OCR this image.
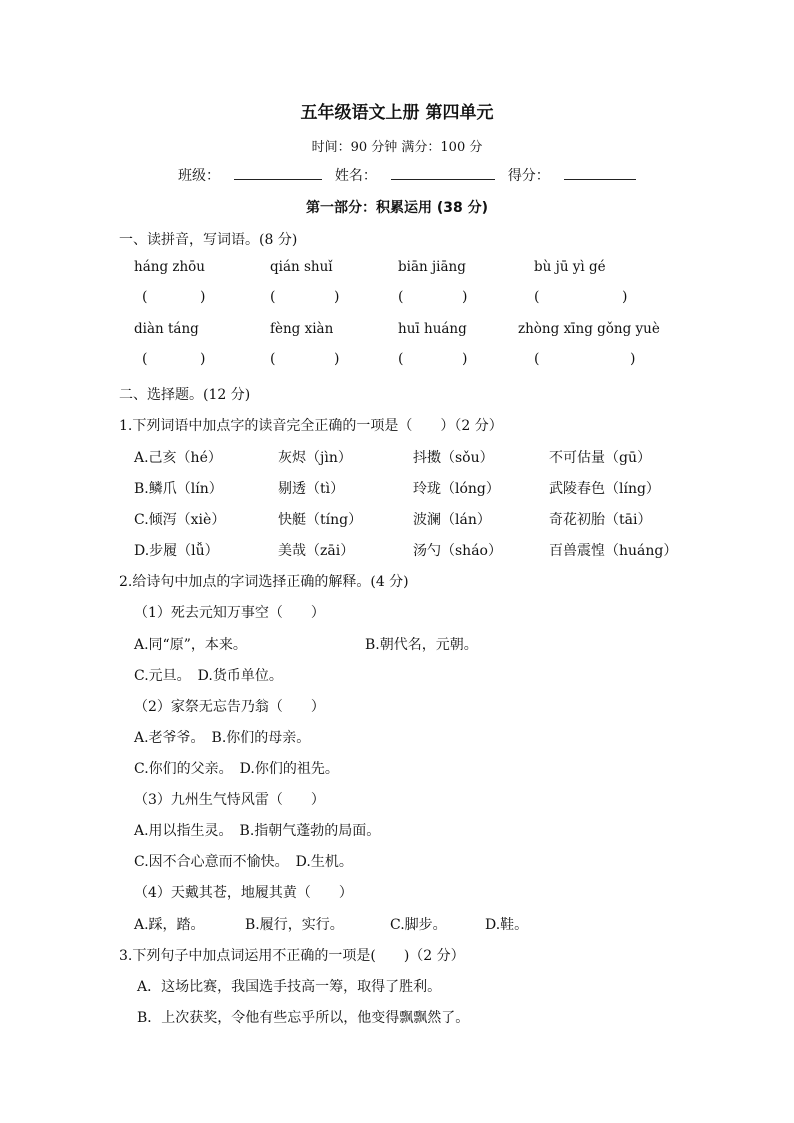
五年级语文上册 第四单元
时间：90 分钟 满分：100 分
班级：	姓名：	得分：
第一部分：积累运用 (38 分)
一、读拼音，写词语。(8 分)
háng zhōu	qián shuǐ	biān jiāng	bù jū yì gé
(	)	(	)	(	)	(	)
diàn táng	fèng xiàn	huī huáng	zhòng xīng gǒng yuè
(	)	(	)	(	)	(	)
二、选择题。(12 分)
1.下列词语中加点字的读音完全正确的一项是（　　）（2 分）
A.己亥（hé）	灰烬（jìn）	抖擞（sǒu）	不可估量（gū）
B.鳞爪（lín）	剔透（tì）	玲珑（lóng）	武陵春色（líng）
C.倾泻（xiè）	快艇（tíng）	波澜（lán）	奇花初胎（tāi）
D.步履（lǚ）	美哉（zāi）	汤勺（sháo）	百兽震惶（huáng）
2.给诗句中加点的字词选择正确的解释。(4 分)
（1）死去元知万事空（　　）
A.同“原”，本来。	B.朝代名，元朝。
C.元旦。　D.货币单位。
（2）家祭无忘告乃翁（　　）
A.老爷爷。　B.你们的母亲。
C.你们的父亲。　D.你们的祖先。
（3）九州生气恃风雷（　　）
A.用以指生灵。　B.指朝气蓬勃的局面。
C.因不合心意而不愉快。　D.生机。
（4）天戴其苍，地履其黄（　　）
A.踩，踏。	B.履行，实行。	C.脚步。	D.鞋。
3.下列句子中加点词运用不正确的一项是(　　)（2 分）
A．这场比赛，我国选手技高一筹，取得了胜利。
B．上次获奖，令他有些忘乎所以，他变得飘飘然了。
